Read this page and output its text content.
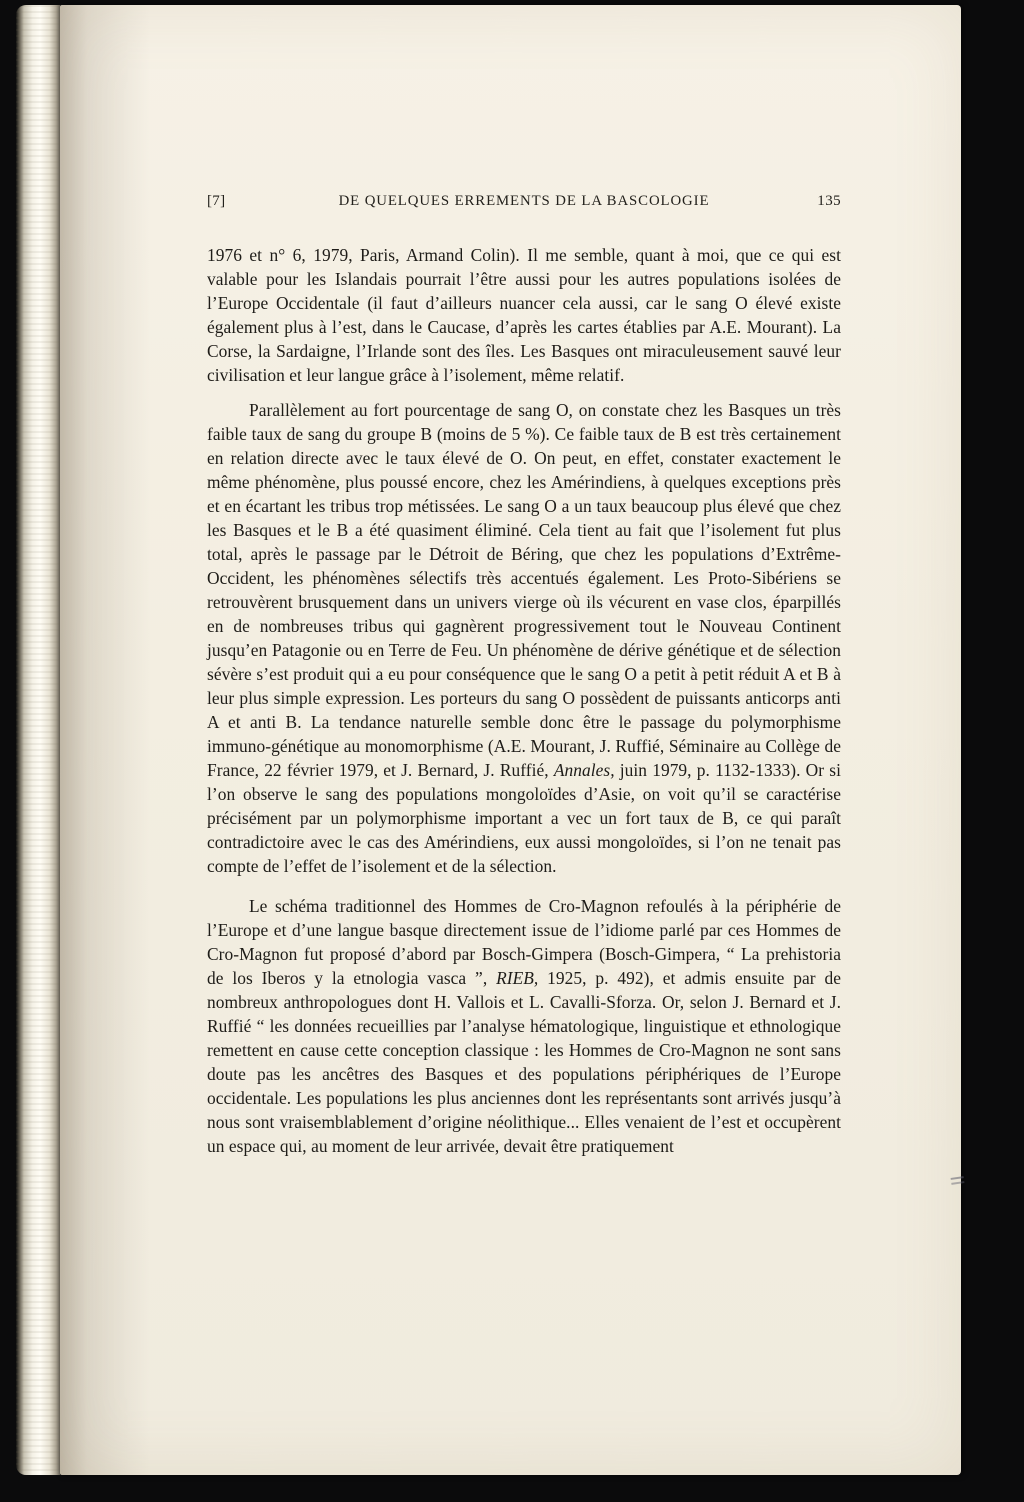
[7]	DE QUELQUES ERREMENTS DE LA BASCOLOGIE	135

1976 et n° 6, 1979, Paris, Armand Colin). Il me semble, quant à moi, que ce qui est valable pour les Islandais pourrait l’être aussi pour les autres populations isolées de l’Europe Occidentale (il faut d’ailleurs nuancer cela aussi, car le sang O élevé existe également plus à l’est, dans le Caucase, d’après les cartes établies par A.E. Mourant). La Corse, la Sardaigne, l’Irlande sont des îles. Les Basques ont miraculeusement sauvé leur civilisation et leur langue grâce à l’isolement, même relatif.

Parallèlement au fort pourcentage de sang O, on constate chez les Basques un très faible taux de sang du groupe B (moins de 5 %). Ce faible taux de B est très certainement en relation directe avec le taux élevé de O. On peut, en effet, constater exactement le même phénomène, plus poussé encore, chez les Amérindiens, à quelques exceptions près et en écartant les tribus trop métissées. Le sang O a un taux beaucoup plus élevé que chez les Basques et le B a été quasiment éliminé. Cela tient au fait que l’isolement fut plus total, après le passage par le Détroit de Béring, que chez les populations d’Extrême-Occident, les phénomènes sélectifs très accentués également. Les Proto-Sibériens se retrouvèrent brusquement dans un univers vierge où ils vécurent en vase clos, éparpillés en de nombreuses tribus qui gagnèrent progressivement tout le Nouveau Continent jusqu’en Patagonie ou en Terre de Feu. Un phénomène de dérive génétique et de sélection sévère s’est produit qui a eu pour conséquence que le sang O a petit à petit réduit A et B à leur plus simple expression. Les porteurs du sang O possèdent de puissants anticorps anti A et anti B. La tendance naturelle semble donc être le passage du polymorphisme immuno-génétique au monomorphisme (A.E. Mourant, J. Ruffié, Séminaire au Collège de France, 22 février 1979, et J. Bernard, J. Ruffié, Annales, juin 1979, p. 1132-1333). Or si l’on observe le sang des populations mongoloïdes d’Asie, on voit qu’il se caractérise précisément par un polymorphisme important a vec un fort taux de B, ce qui paraît contradictoire avec le cas des Amérindiens, eux aussi mongoloïdes, si l’on ne tenait pas compte de l’effet de l’isolement et de la sélection.

Le schéma traditionnel des Hommes de Cro-Magnon refoulés à la périphérie de l’Europe et d’une langue basque directement issue de l’idiome parlé par ces Hommes de Cro-Magnon fut proposé d’abord par Bosch-Gimpera (Bosch-Gimpera, “ La prehistoria de los Iberos y la etnologia vasca ”, RIEB, 1925, p. 492), et admis ensuite par de nombreux anthropologues dont H. Vallois et L. Cavalli-Sforza. Or, selon J. Bernard et J. Ruffié “ les données recueillies par l’analyse hématologique, linguistique et ethnologique remettent en cause cette conception classique : les Hommes de Cro-Magnon ne sont sans doute pas les ancêtres des Basques et des populations périphériques de l’Europe occidentale. Les populations les plus anciennes dont les représentants sont arrivés jusqu’à nous sont vraisemblablement d’origine néolithique... Elles venaient de l’est et occupèrent un espace qui, au moment de leur arrivée, devait être pratiquement
